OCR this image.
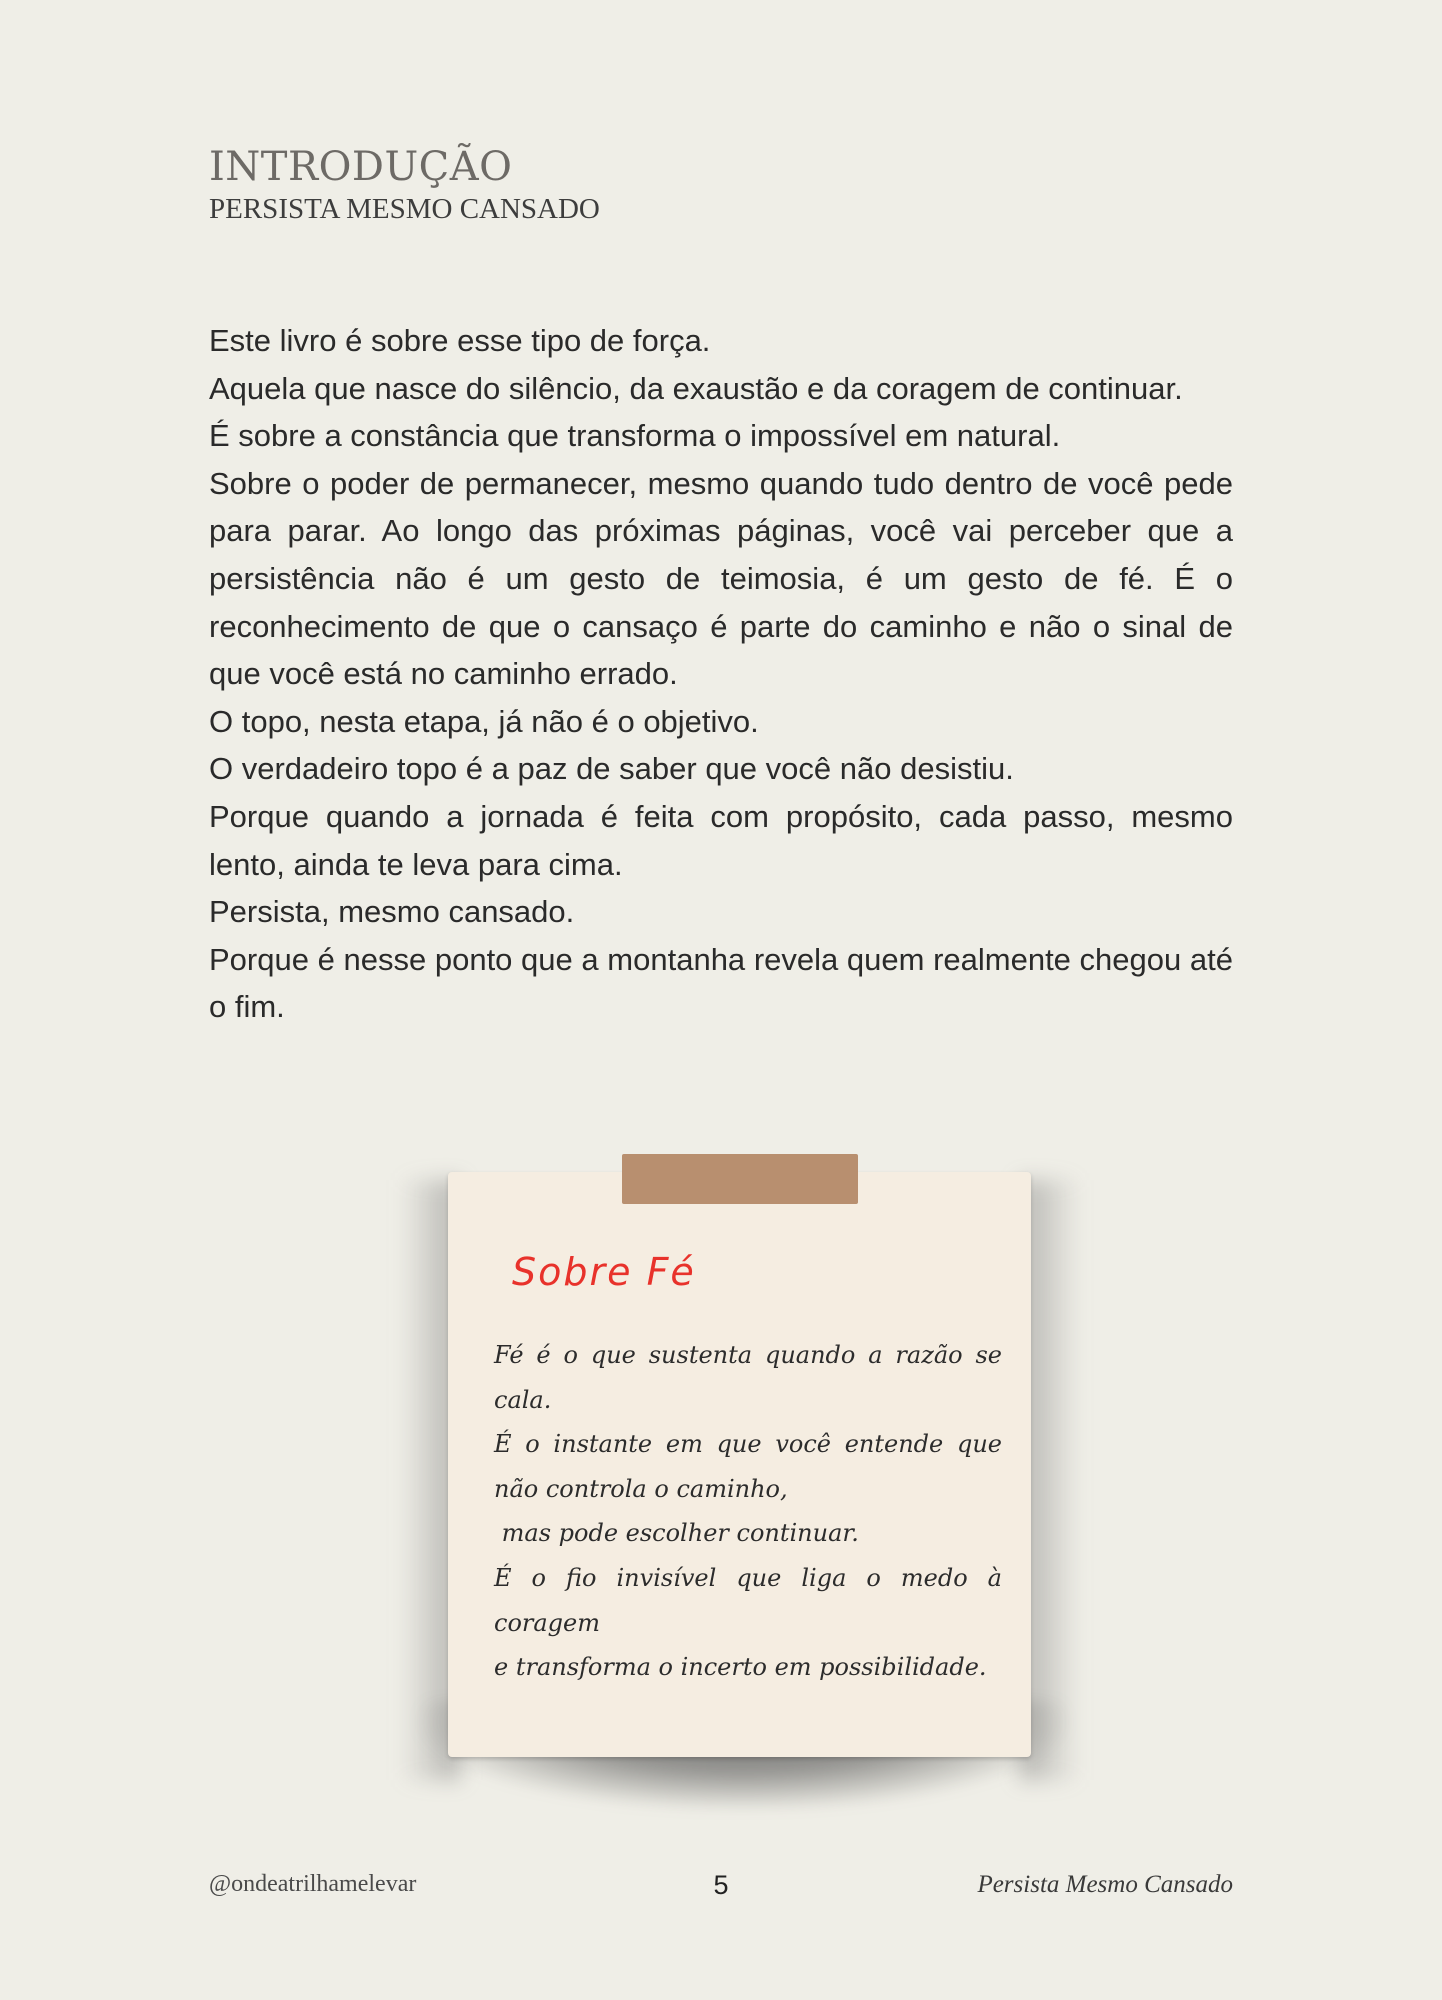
INTRODUÇÃO
PERSISTA MESMO CANSADO

Este livro é sobre esse tipo de força.

Aquela que nasce do silêncio, da exaustão e da coragem de continuar.

É sobre a constância que transforma o impossível em natural.

Sobre o poder de permanecer, mesmo quando tudo dentro de você pede para parar. Ao longo das próximas páginas, você vai perceber que a persistência não é um gesto de teimosia, é um gesto de fé. É o reconhecimento de que o cansaço é parte do caminho e não o sinal de que você está no caminho errado.

O topo, nesta etapa, já não é o objetivo.

O verdadeiro topo é a paz de saber que você não desistiu.

Porque quando a jornada é feita com propósito, cada passo, mesmo lento, ainda te leva para cima.

Persista, mesmo cansado.

Porque é nesse ponto que a montanha revela quem realmente chegou até o fim.

Sobre Fé

Fé é o que sustenta quando a razão se cala.

É o instante em que você entende que não controla o caminho,

mas pode escolher continuar.

É o fio invisível que liga o medo à coragem

e transforma o incerto em possibilidade.

@ondeatrilhamelevar	5	Persista Mesmo Cansado
